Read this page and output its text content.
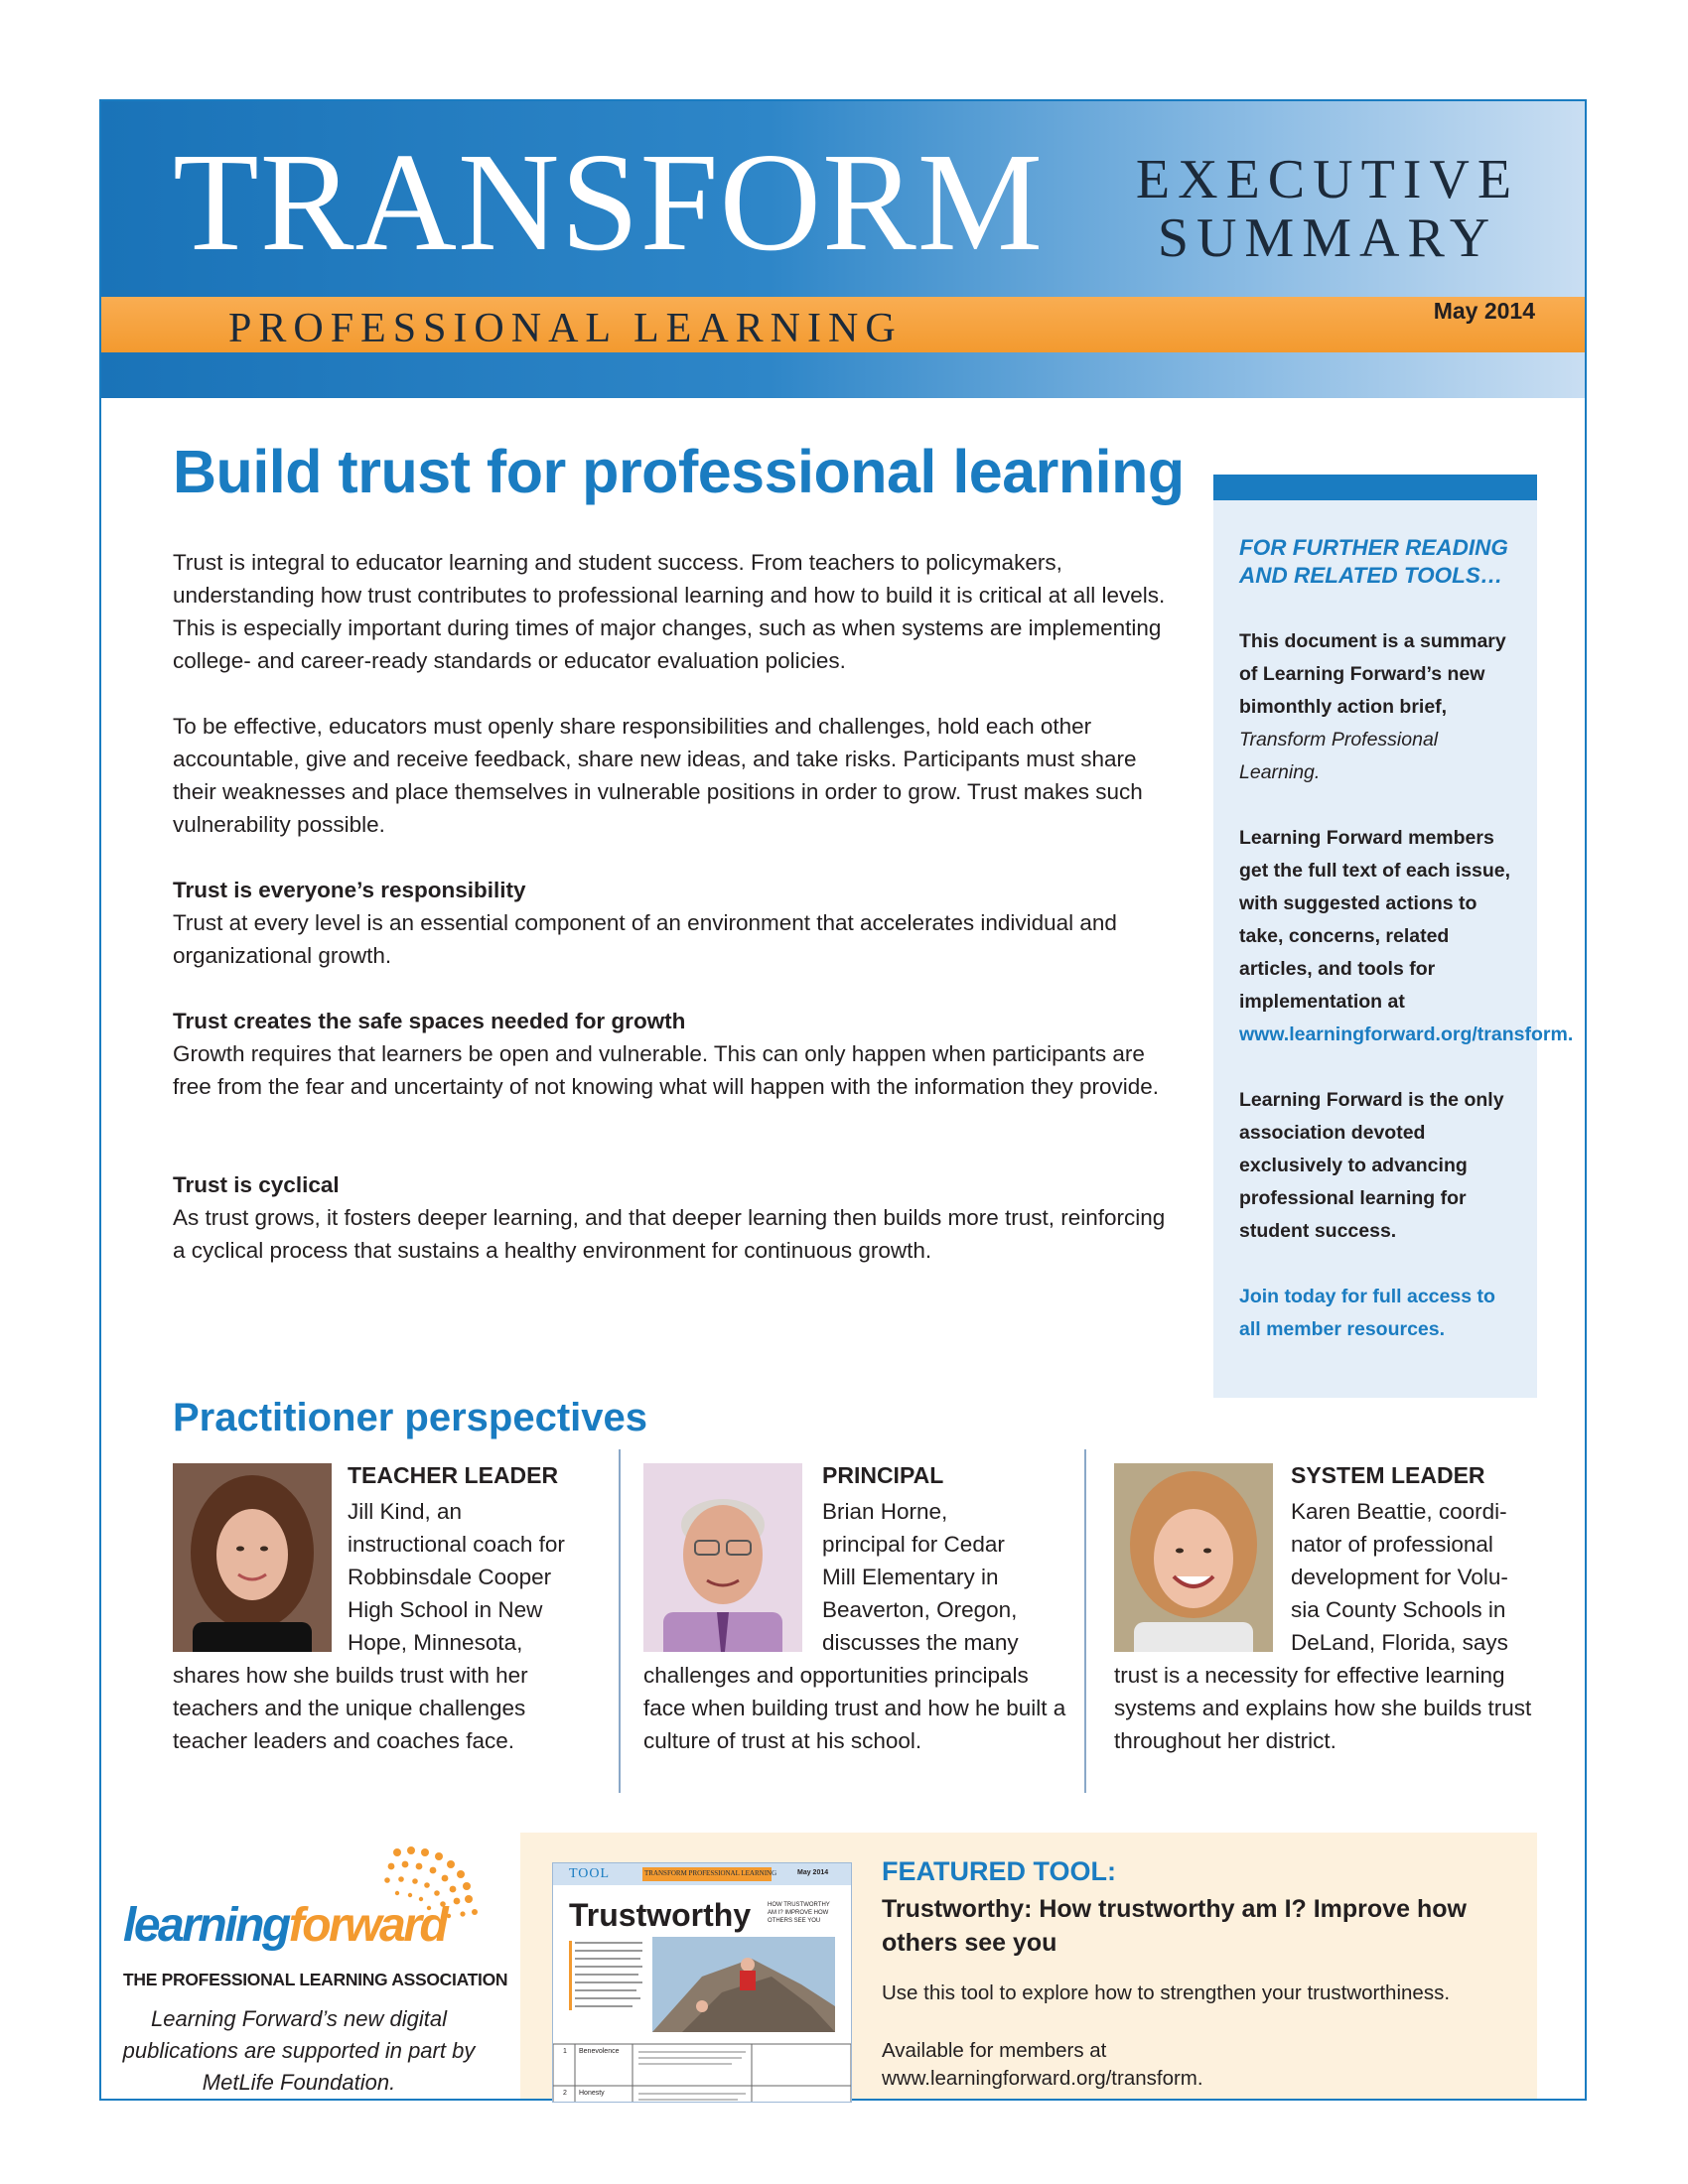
TRANSFORM	EXECUTIVE SUMMARY
PROFESSIONAL LEARNING	May 2014
Build trust for professional learning

Trust is integral to educator learning and student success. From teachers to policymakers, understanding how trust contributes to professional learning and how to build it is critical at all levels. This is especially important during times of major changes, such as when systems are implementing college- and career-ready standards or educator evaluation policies.

To be effective, educators must openly share responsibilities and challenges, hold each other accountable, give and receive feedback, share new ideas, and take risks. Participants must share their weaknesses and place themselves in vulnerable positions in order to grow. Trust makes such vulnerability possible.

Trust is everyone’s responsibility
Trust at every level is an essential component of an environment that accelerates individual and organizational growth.

Trust creates the safe spaces needed for growth
Growth requires that learners be open and vulnerable. This can only happen when participants are free from the fear and uncertainty of not knowing what will happen with the information they provide.

Trust is cyclical
As trust grows, it fosters deeper learning, and that deeper learning then builds more trust, reinforcing a cyclical process that sustains a healthy environment for continuous growth.

FOR FURTHER READING AND RELATED TOOLS…

This document is a summary of Learning Forward’s new bimonthly action brief, Transform Professional Learning.

Learning Forward members get the full text of each issue, with suggested actions to take, concerns, related articles, and tools for implementation at www.learningforward.org/transform.

Learning Forward is the only association devoted exclusively to advancing professional learning for student success.

Join today for full access to all member resources.

Practitioner perspectives
TEACHER LEADER
Jill Kind, an
instructional coach for
Robbinsdale Cooper
High School in New
Hope, Minnesota,
shares how she builds trust with her teachers and the unique challenges teacher leaders and coaches face.
PRINCIPAL
Brian Horne,
principal for Cedar
Mill Elementary in
Beaverton, Oregon,
discusses the many
challenges and opportunities principals face when building trust and how he built a culture of trust at his school.
SYSTEM LEADER
Karen Beattie, coordi-
nator of professional
development for Volu-
sia County Schools in
DeLand, Florida, says
trust is a necessity for effective learning systems and explains how she builds trust throughout her district.
learningforward
THE PROFESSIONAL LEARNING ASSOCIATION
Learning Forward’s new digital publications are supported in part by MetLife Foundation.
TOOL	TRANSFORM PROFESSIONAL LEARNING	May 2014
Trustworthy	HOW TRUSTWORTHY AM I? IMPROVE HOW OTHERS SEE YOU
1 Benevolence
2 Honesty
FEATURED TOOL:
Trustworthy: How trustworthy am I? Improve how others see you
Use this tool to explore how to strengthen your trustworthiness.
Available for members at
www.learningforward.org/transform.
